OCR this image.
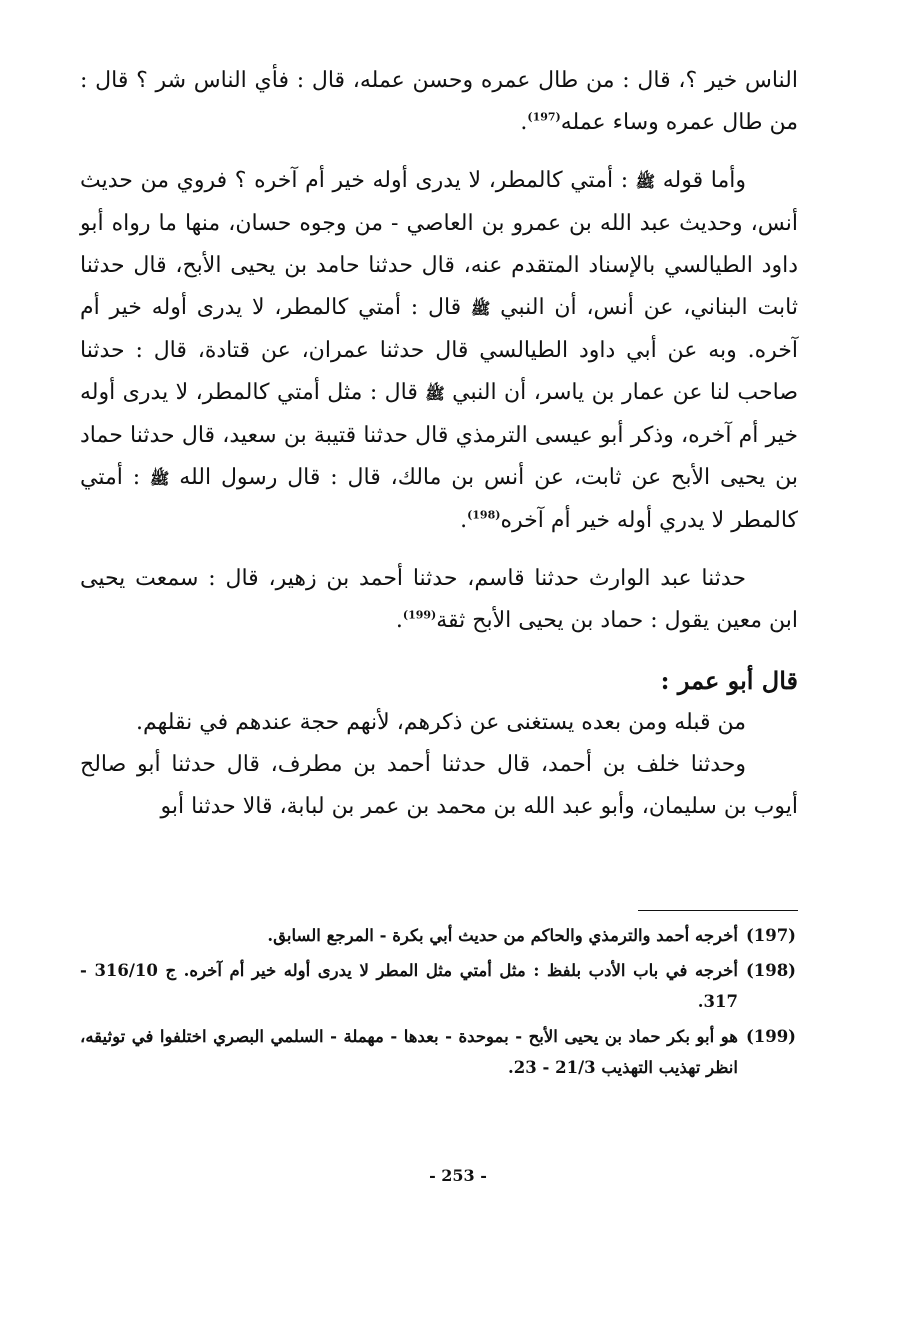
الناس خير ؟، قال : من طال عمره وحسن عمله، قال : فأي الناس شر ؟ قال : من طال عمره وساء عمله$^{(197)}$.

وأما قوله ﷺ : أمتي كالمطر، لا يدرى أوله خير أم آخره ؟ فروي من حديث أنس، وحديث عبد الله بن عمرو بن العاصي - من وجوه حسان، منها ما رواه أبو داود الطيالسي بالإسناد المتقدم عنه، قال حدثنا حامد بن يحيى الأبح، قال حدثنا ثابت البناني، عن أنس، أن النبي ﷺ قال : أمتي كالمطر، لا يدرى أوله خير أم آخره. وبه عن أبي داود الطيالسي قال حدثنا عمران، عن قتادة، قال : حدثنا صاحب لنا عن عمار بن ياسر، أن النبي ﷺ قال : مثل أمتي كالمطر، لا يدرى أوله خير أم آخره، وذكر أبو عيسى الترمذي قال حدثنا قتيبة بن سعيد، قال حدثنا حماد بن يحيى الأبح عن ثابت، عن أنس بن مالك، قال : قال رسول الله ﷺ : أمتي كالمطر لا يدري أوله خير أم آخره$^{(198)}$.

حدثنا عبد الوارث حدثنا قاسم، حدثنا أحمد بن زهير، قال : سمعت يحيى ابن معين يقول : حماد بن يحيى الأبح ثقة$^{(199)}$.

قال أبو عمر :

من قبله ومن بعده يستغنى عن ذكرهم، لأنهم حجة عندهم في نقلهم.

وحدثنا خلف بن أحمد، قال حدثنا أحمد بن مطرف، قال حدثنا أبو صالح أيوب بن سليمان، وأبو عبد الله بن محمد بن عمر بن لبابة، قالا حدثنا أبو

(197)
أخرجه أحمد والترمذي والحاكم من حديث أبي بكرة - المرجع السابق.
(198)
أخرجه في باب الأدب بلفظ : مثل أمتي مثل المطر لا يدرى أوله خير أم آخره. ج 316/10 - 317.
(199)
هو أبو بكر حماد بن يحيى الأبح - بموحدة - بعدها - مهملة - السلمي البصري اختلفوا في توثيقه، انظر تهذيب التهذيب 21/3 - 23.
- 253 -
